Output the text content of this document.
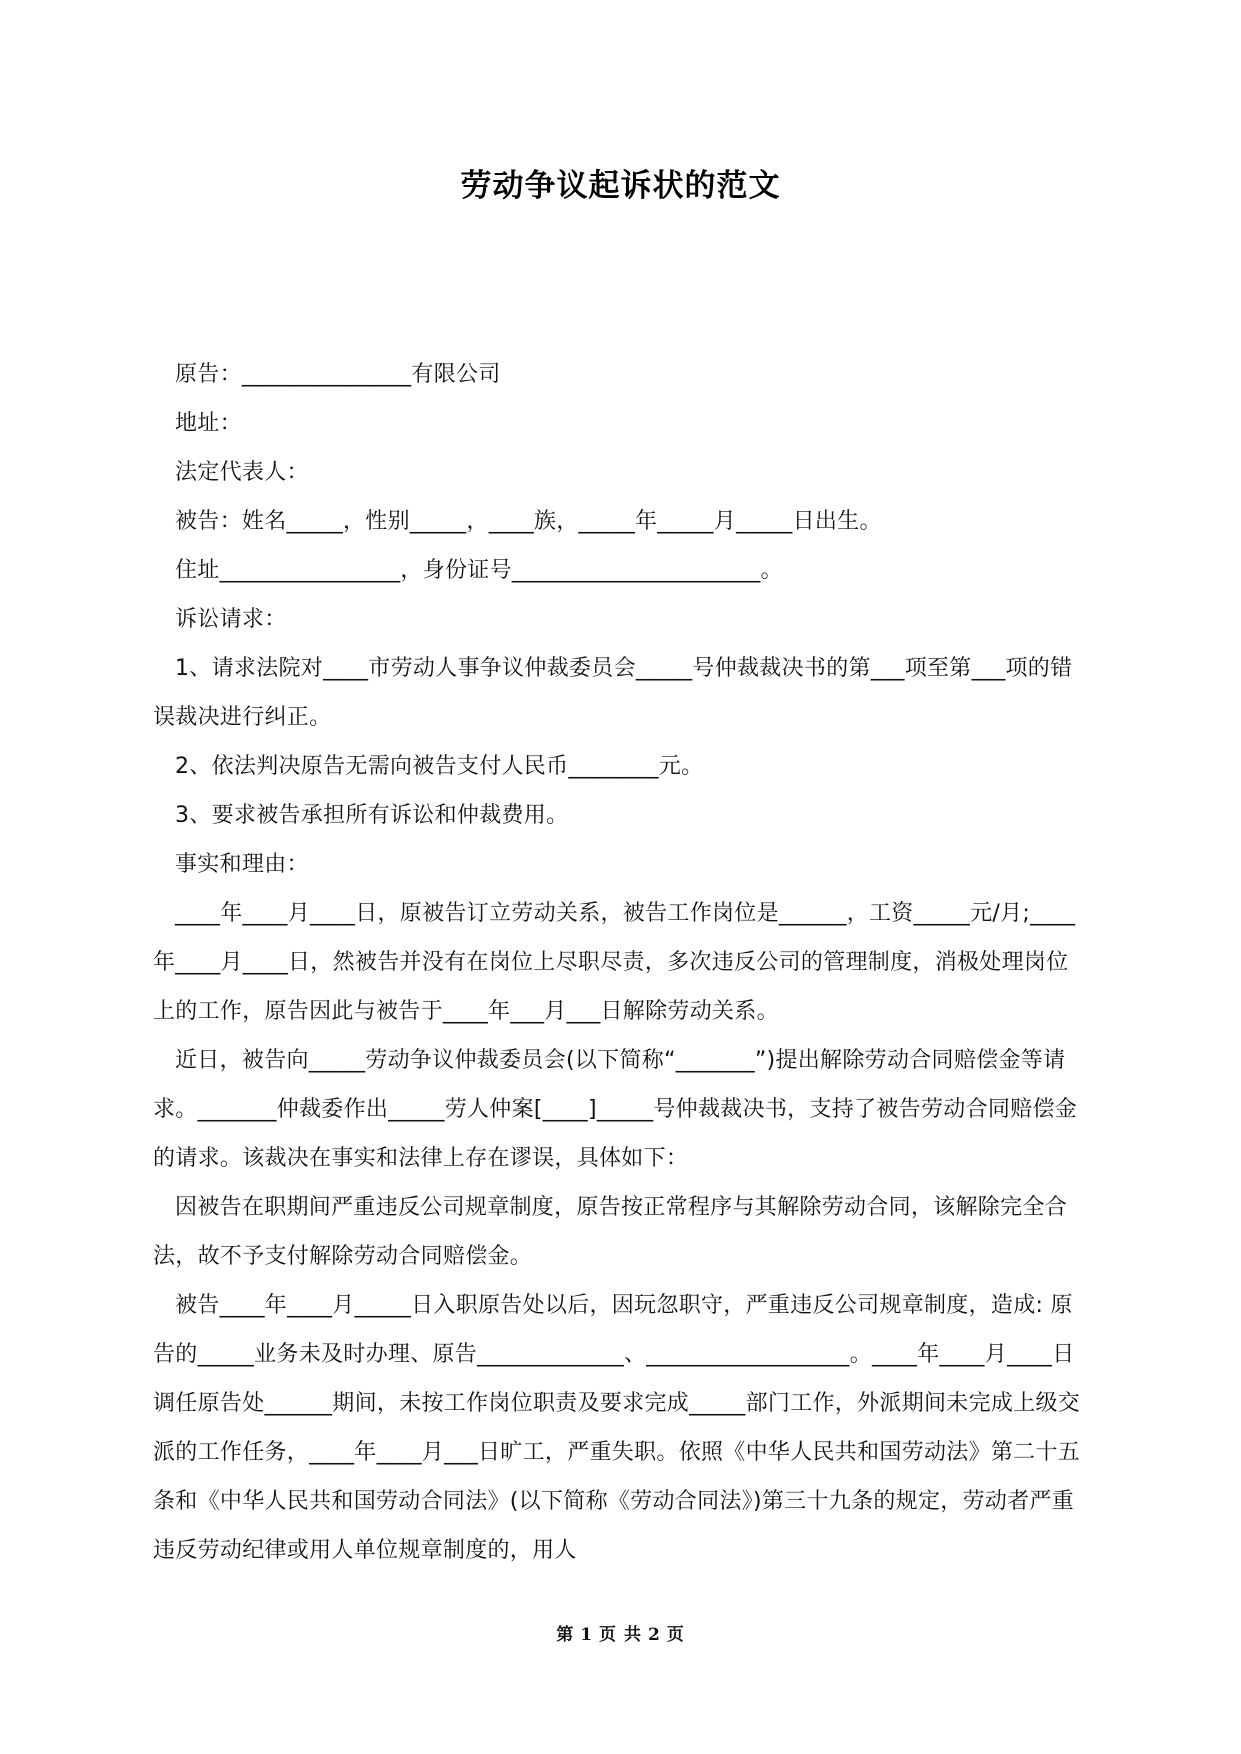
劳动争议起诉状的范文

原告：_______________有限公司

地址：

法定代表人：

被告：姓名_____，性别_____，____族，_____年_____月_____日出生。

住址________________，身份证号______________________。

诉讼请求：

1、请求法院对____市劳动人事争议仲裁委员会_____号仲裁裁决书的第___项至第___项的错误裁决进行纠正。

2、依法判决原告无需向被告支付人民币________元。

3、要求被告承担所有诉讼和仲裁费用。

事实和理由：

____年____月____日，原被告订立劳动关系，被告工作岗位是______，工资_____元/月;____年____月____日，然被告并没有在岗位上尽职尽责，多次违反公司的管理制度，消极处理岗位上的工作，原告因此与被告于____年___月___日解除劳动关系。

近日，被告向_____劳动争议仲裁委员会(以下简称“_______”)提出解除劳动合同赔偿金等请求。_______仲裁委作出_____劳人仲案[____]_____号仲裁裁决书，支持了被告劳动合同赔偿金的请求。该裁决在事实和法律上存在谬误，具体如下：

因被告在职期间严重违反公司规章制度，原告按正常程序与其解除劳动合同，该解除完全合法，故不予支付解除劳动合同赔偿金。

被告____年____月_____日入职原告处以后，因玩忽职守，严重违反公司规章制度，造成: 原告的_____业务未及时办理、原告_____________、__________________。____年____月____日调任原告处______期间，未按工作岗位职责及要求完成_____部门工作，外派期间未完成上级交派的工作任务，____年____月___日旷工，严重失职。依照《中华人民共和国劳动法》第二十五条和《中华人民共和国劳动合同法》(以下简称《劳动合同法》)第三十九条的规定，劳动者严重违反劳动纪律或用人单位规章制度的，用人

第 1 页 共 2 页
